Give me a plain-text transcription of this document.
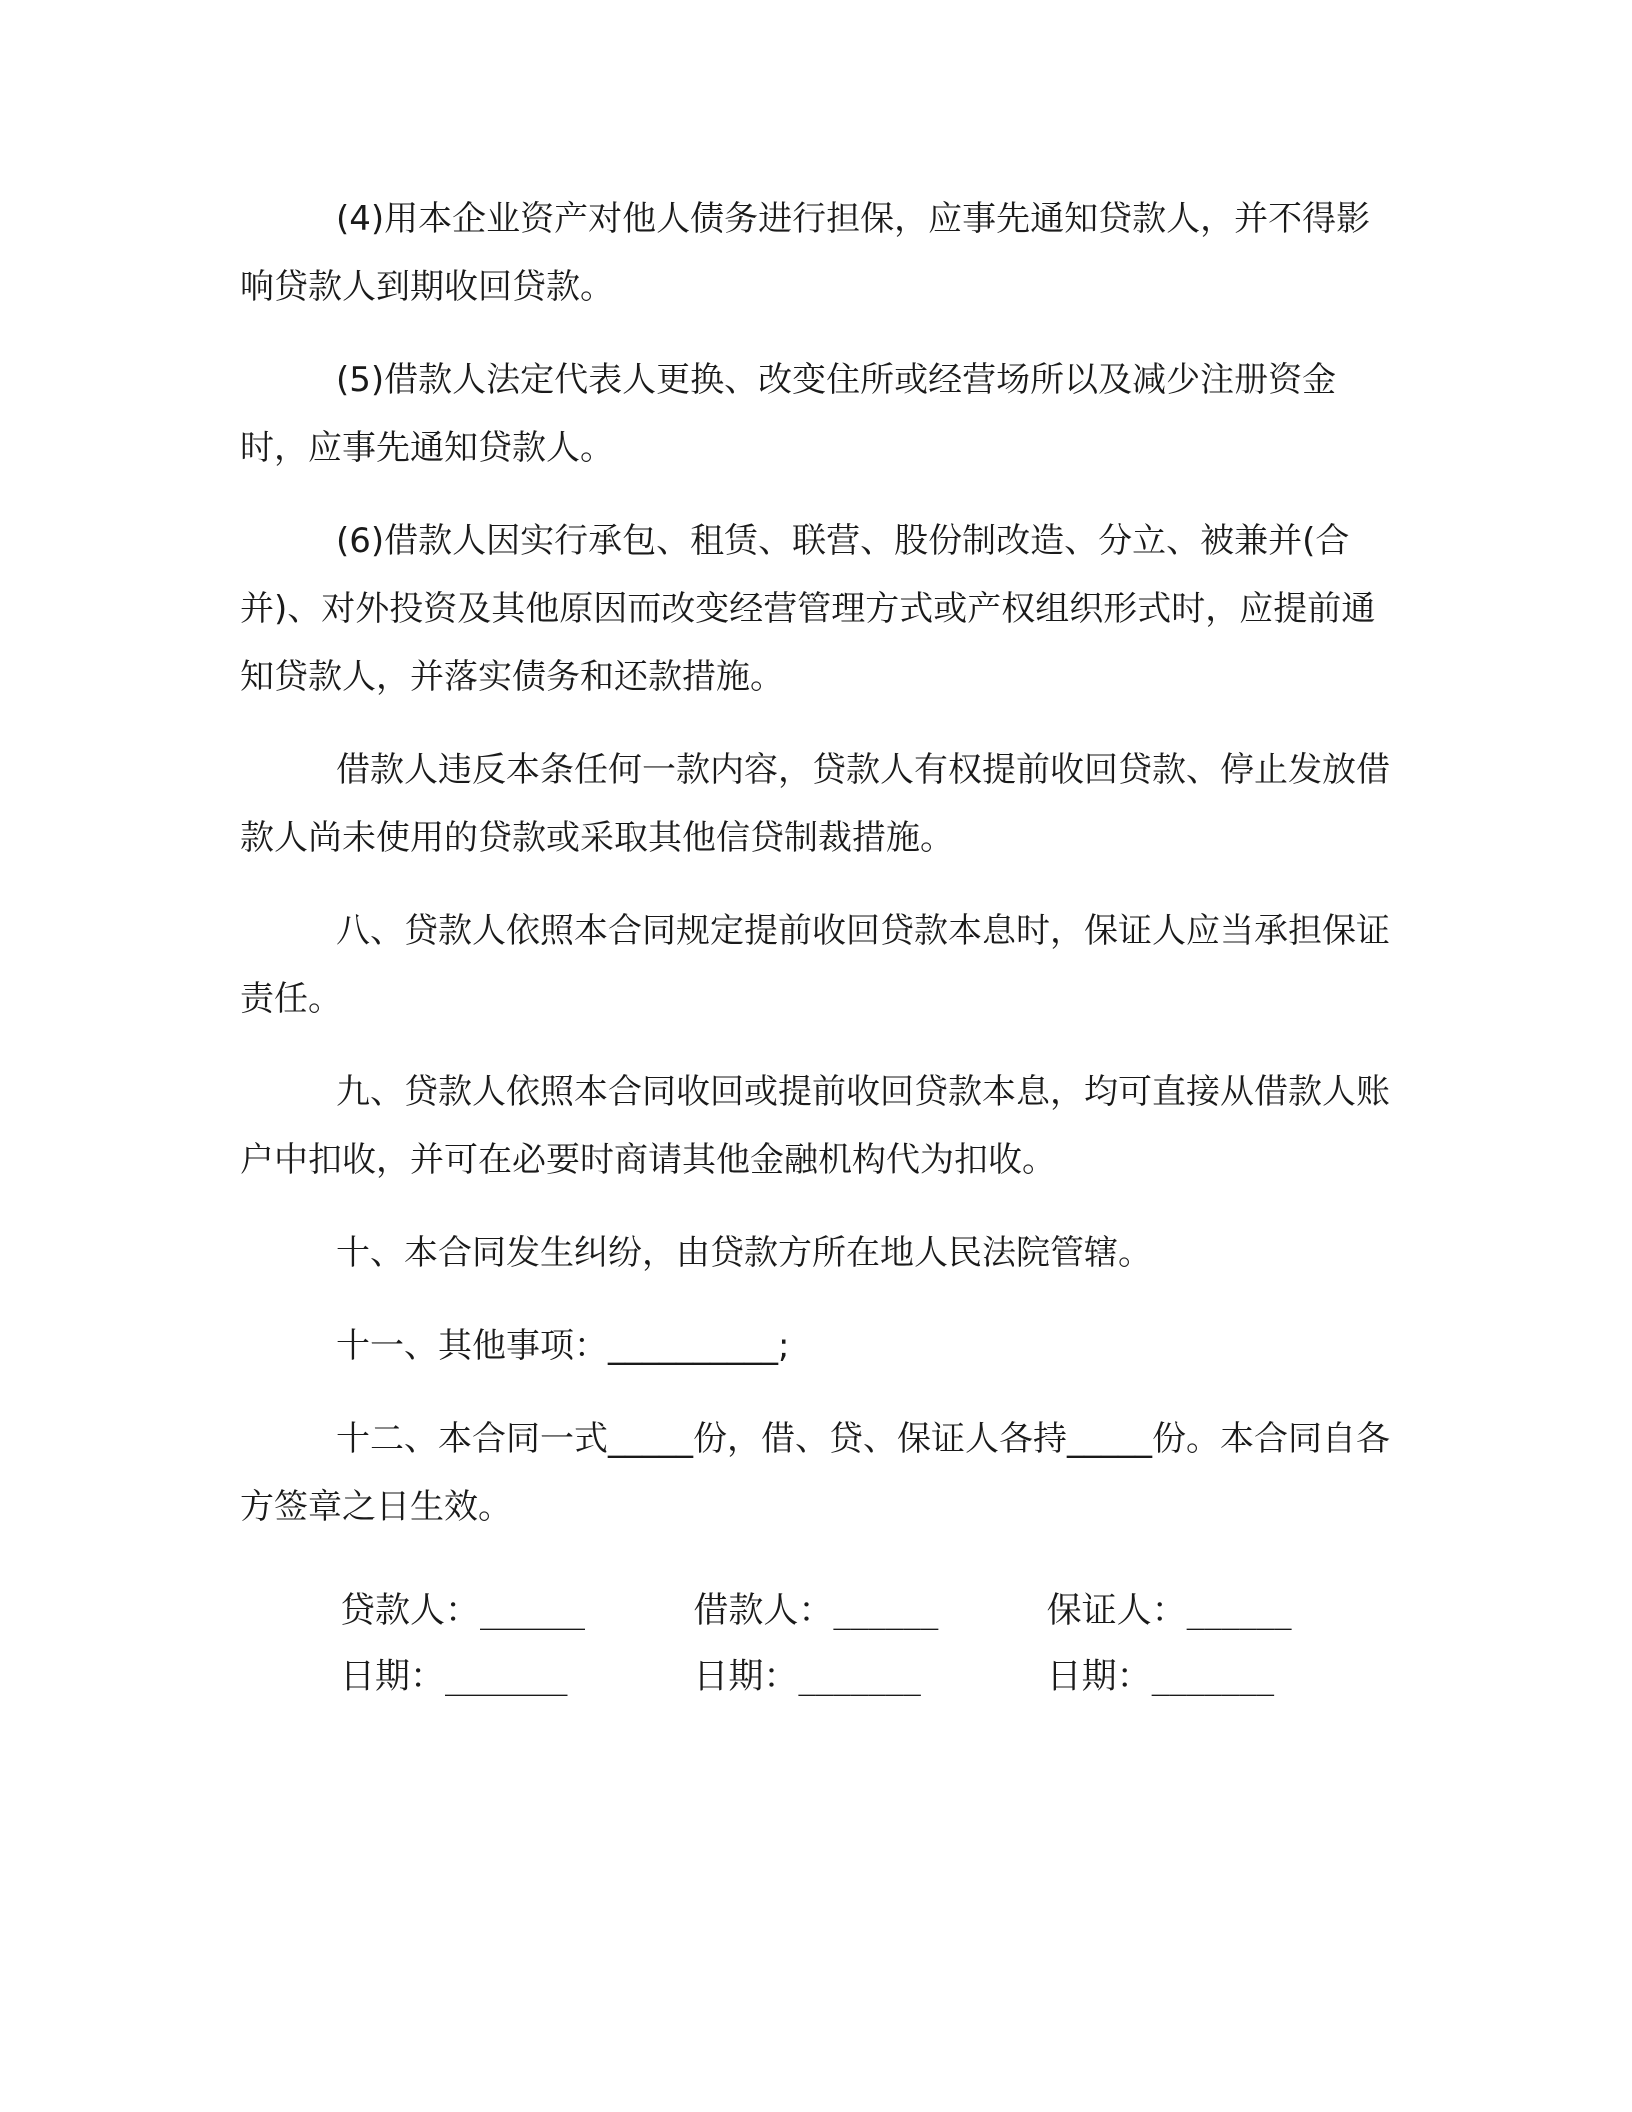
(4)用本企业资产对他人债务进行担保，应事先通知贷款人，并不得影响贷款人到期收回贷款。

(5)借款人法定代表人更换、改变住所或经营场所以及减少注册资金时，应事先通知贷款人。

(6)借款人因实行承包、租赁、联营、股份制改造、分立、被兼并(合并)、对外投资及其他原因而改变经营管理方式或产权组织形式时，应提前通知贷款人，并落实债务和还款措施。

借款人违反本条任何一款内容，贷款人有权提前收回贷款、停止发放借款人尚未使用的贷款或采取其他信贷制裁措施。

八、贷款人依照本合同规定提前收回贷款本息时，保证人应当承担保证责任。

九、贷款人依照本合同收回或提前收回贷款本息，均可直接从借款人账户中扣收，并可在必要时商请其他金融机构代为扣收。

十、本合同发生纠纷，由贷款方所在地人民法院管辖。

十一、其他事项：__________;

十二、本合同一式_____份，借、贷、保证人各持_____份。本合同自各方签章之日生效。

贷款人：______	借款人：______	保证人：______
日期：_______	日期：_______	日期：_______
